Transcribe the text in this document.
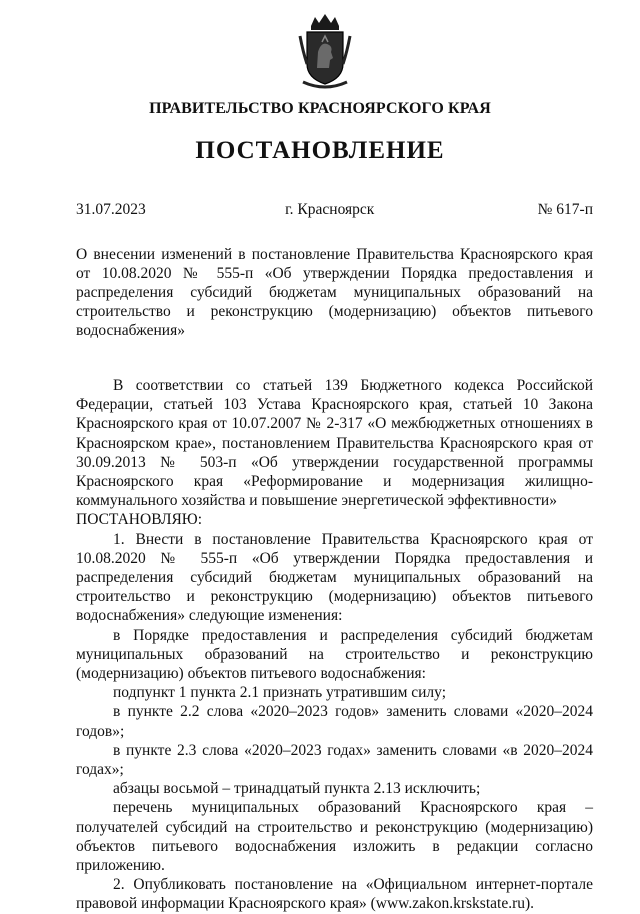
ПРАВИТЕЛЬСТВО КРАСНОЯРСКОГО КРАЯ
ПОСТАНОВЛЕНИЕ
31.07.2023	г. Красноярск	№ 617-п
О внесении изменений в постановление Правительства Красноярского края от 10.08.2020 № 555-п «Об утверждении Порядка предоставления и распределения субсидий бюджетам муниципальных образований на строительство и реконструкцию (модернизацию) объектов питьевого водоснабжения»

В соответствии со статьей 139 Бюджетного кодекса Российской Федерации, статьей 103 Устава Красноярского края, статьей 10 Закона Красноярского края от 10.07.2007 № 2-317 «О межбюджетных отношениях в Красноярском крае», постановлением Правительства Красноярского края от 30.09.2013 № 503-п «Об утверждении государственной программы Красноярского края «Реформирование и модернизация жилищно-коммунального хозяйства и повышение энергетической эффективности»

ПОСТАНОВЛЯЮ:

1. Внести в постановление Правительства Красноярского края от 10.08.2020 № 555-п «Об утверждении Порядка предоставления и распределения субсидий бюджетам муниципальных образований на строительство и реконструкцию (модернизацию) объектов питьевого водоснабжения» следующие изменения:

в Порядке предоставления и распределения субсидий бюджетам муниципальных образований на строительство и реконструкцию (модернизацию) объектов питьевого водоснабжения:

подпункт 1 пункта 2.1 признать утратившим силу;

в пункте 2.2 слова «2020–2023 годов» заменить словами «2020–2024 годов»;

в пункте 2.3 слова «2020–2023 годах» заменить словами «в 2020–2024 годах»;

абзацы восьмой – тринадцатый пункта 2.13 исключить;

перечень муниципальных образований Красноярского края – получателей субсидий на строительство и реконструкцию (модернизацию) объектов питьевого водоснабжения изложить в редакции согласно приложению.

2. Опубликовать постановление на «Официальном интернет-портале правовой информации Красноярского края» (www.zakon.krskstate.ru).
